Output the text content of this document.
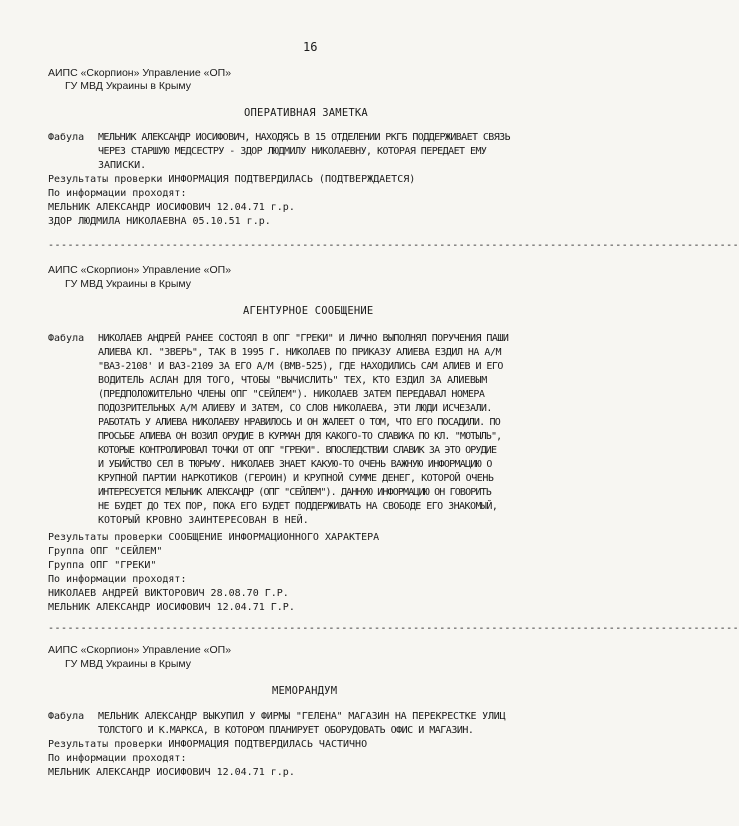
16
АИПС «Скорпион» Управление «ОП»
ГУ МВД Украины в Крыму
ОПЕРАТИВНАЯ ЗАМЕТКА
Фабула МЕЛЬНИК АЛЕКСАНДР ИОСИФОВИЧ, НАХОДЯСЬ В 15 ОТДЕЛЕНИИ РКГБ ПОДДЕРЖИВАЕТ СВЯЗЬ
ЧЕРЕЗ СТАРШУЮ МЕДСЕСТРУ - ЗДОР ЛЮДМИЛУ НИКОЛАЕВНУ, КОТОРАЯ ПЕРЕДАЕТ ЕМУ
ЗАПИСКИ.
Результаты проверки ИНФОРМАЦИЯ ПОДТВЕРДИЛАСЬ (ПОДТВЕРЖДАЕТСЯ)
По информации проходят:
МЕЛЬНИК АЛЕКСАНДР ИОСИФОВИЧ 12.04.71 г.р.
ЗДОР ЛЮДМИЛА НИКОЛАЕВНА 05.10.51 г.р.
----------------------------------------------------------------------------------------------------------
АИПС «Скорпион» Управление «ОП»
ГУ МВД Украины в Крыму
АГЕНТУРНОЕ СООБЩЕНИЕ
Фабула НИКОЛАЕВ АНДРЕЙ РАНЕЕ СОСТОЯЛ В ОПГ "ГРЕКИ" И ЛИЧНО ВЫПОЛНЯЛ ПОРУЧЕНИЯ ПАШИ
АЛИЕВА КЛ. "ЗВЕРЬ", ТАК В 1995 Г. НИКОЛАЕВ ПО ПРИКАЗУ АЛИЕВА ЕЗДИЛ НА А/М
"ВАЗ-2108' И ВАЗ-2109 ЗА ЕГО А/М (ВМВ-525), ГДЕ НАХОДИЛИСЬ САМ АЛИЕВ И ЕГО
ВОДИТЕЛЬ АСЛАН ДЛЯ ТОГО, ЧТОБЫ "ВЫЧИСЛИТЬ" ТЕХ, КТО ЕЗДИЛ ЗА АЛИЕВЫМ
(ПРЕДПОЛОЖИТЕЛЬНО ЧЛЕНЫ ОПГ "СЕЙЛЕМ"). НИКОЛАЕВ ЗАТЕМ ПЕРЕДАВАЛ НОМЕРА
ПОДОЗРИТЕЛЬНЫХ А/М АЛИЕВУ И ЗАТЕМ, СО СЛОВ НИКОЛАЕВА, ЭТИ ЛЮДИ ИСЧЕЗАЛИ.
РАБОТАТЬ У АЛИЕВА НИКОЛАЕВУ НРАВИЛОСЬ И ОН ЖАЛЕЕТ О ТОМ, ЧТО ЕГО ПОСАДИЛИ. ПО
ПРОСЬБЕ АЛИЕВА ОН ВОЗИЛ ОРУДИЕ В КУРМАН ДЛЯ КАКОГО-ТО СЛАВИКА ПО КЛ. "МОТЫЛЬ",
КОТОРЫЕ КОНТРОЛИРОВАЛ ТОЧКИ ОТ ОПГ "ГРЕКИ". ВПОСЛЕДСТВИИ СЛАВИК ЗА ЭТО ОРУДИЕ
И УБИЙСТВО СЕЛ В ТЮРЬМУ. НИКОЛАЕВ ЗНАЕТ КАКУЮ-ТО ОЧЕНЬ ВАЖНУЮ ИНФОРМАЦИЮ О
КРУПНОЙ ПАРТИИ НАРКОТИКОВ (ГЕРОИН) И КРУПНОЙ СУММЕ ДЕНЕГ, КОТОРОЙ ОЧЕНЬ
ИНТЕРЕСУЕТСЯ МЕЛЬНИК АЛЕКСАНДР (ОПГ "СЕЙЛЕМ"). ДАННУЮ ИНФОРМАЦИЮ ОН ГОВОРИТЬ
НЕ БУДЕТ ДО ТЕХ ПОР, ПОКА ЕГО БУДЕТ ПОДДЕРЖИВАТЬ НА СВОБОДЕ ЕГО ЗНАКОМЫЙ,
КОТОРЫЙ КРОВНО ЗАИНТЕРЕСОВАН В НЕЙ.
Результаты проверки СООБЩЕНИЕ ИНФОРМАЦИОННОГО ХАРАКТЕРА
Группа ОПГ "СЕЙЛЕМ"
Группа ОПГ "ГРЕКИ"
По информации проходят:
НИКОЛАЕВ АНДРЕЙ ВИКТОРОВИЧ 28.08.70 Г.Р.
МЕЛЬНИК АЛЕКСАНДР ИОСИФОВИЧ 12.04.71 Г.Р.
----------------------------------------------------------------------------------------------------------
АИПС «Скорпион» Управление «ОП»
ГУ МВД Украины в Крыму
МЕМОРАНДУМ
Фабула МЕЛЬНИК АЛЕКСАНДР ВЫКУПИЛ У ФИРМЫ "ГЕЛЕНА" МАГАЗИН НА ПЕРЕКРЕСТКЕ УЛИЦ
ТОЛСТОГО И К.МАРКСА, В КОТОРОМ ПЛАНИРУЕТ ОБОРУДОВАТЬ ОФИС И МАГАЗИН.
Результаты проверки ИНФОРМАЦИЯ ПОДТВЕРДИЛАСЬ ЧАСТИЧНО
По информации проходят:
МЕЛЬНИК АЛЕКСАНДР ИОСИФОВИЧ 12.04.71 г.р.
